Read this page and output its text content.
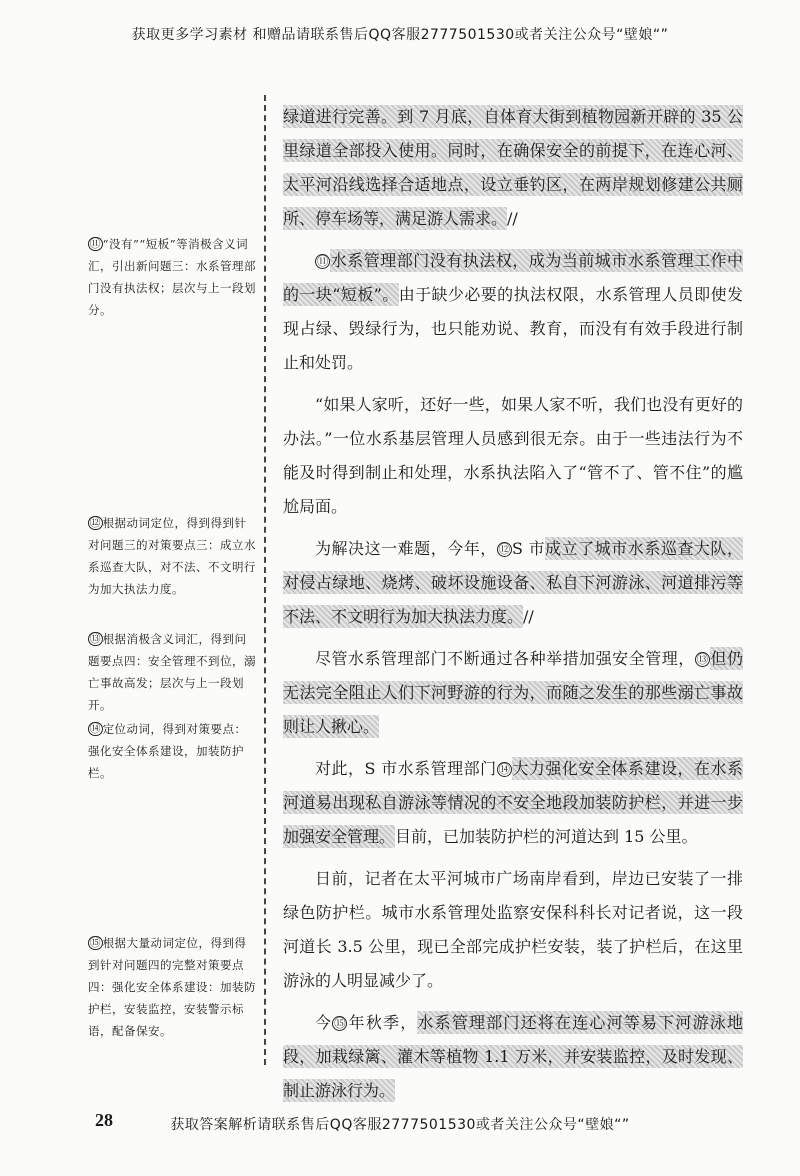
获取更多学习素材 和赠品请联系售后QQ客服2777501530或者关注公众号“壁娘“”
⑪ “没有”“短板”等消极含义词汇，引出新问题三：水系管理部门没有执法权；层次与上一段划分。
⑫ 根据动词定位，得到得到针对问题三的对策要点三：成立水系巡查大队，对不法、不文明行为加大执法力度。
⑬ 根据消极含义词汇，得到问题要点四：安全管理不到位，溺亡事故高发；层次与上一段划开。
⑭ 定位动词，得到对策要点：强化安全体系建设，加装防护栏。
⑮ 根据大量动词定位，得到得到针对问题四的完整对策要点四：强化安全体系建设：加装防护栏，安装监控，安装警示标语，配备保安。

绿道进行完善。到 7 月底，自体育大街到植物园新开辟的 35 公里绿道全部投入使用。同时，在确保安全的前提下，在连心河、太平河沿线选择合适地点，设立垂钓区，在两岸规划修建公共厕所、停车场等，满足游人需求。//

⑪ 水系管理部门没有执法权，成为当前城市水系管理工作中的一块“短板”。由于缺少必要的执法权限，水系管理人员即使发现占绿、毁绿行为，也只能劝说、教育，而没有有效手段进行制止和处罚。

“如果人家听，还好一些，如果人家不听，我们也没有更好的办法。”一位水系基层管理人员感到很无奈。由于一些违法行为不能及时得到制止和处理，水系执法陷入了“管不了、管不住”的尴尬局面。

为解决这一难题，今年， ⑫ S 市成立了城市水系巡查大队，对侵占绿地、烧烤、破坏设施设备、私自下河游泳、河道排污等不法、不文明行为加大执法力度。//

尽管水系管理部门不断通过各种举措加强安全管理， ⑬ 但仍无法完全阻止人们下河野游的行为，而随之发生的那些溺亡事故则让人揪心。

对此，S 市水系管理部门 ⑭ 大力强化安全体系建设，在水系河道易出现私自游泳等情况的不安全地段加装防护栏，并进一步加强安全管理。目前，已加装防护栏的河道达到 15 公里。

日前，记者在太平河城市广场南岸看到，岸边已安装了一排绿色防护栏。城市水系管理处监察安保科科长对记者说，这一段河道长 3.5 公里，现已全部完成护栏安装，装了护栏后，在这里游泳的人明显减少了。

今 ⑮ 年秋季，水系管理部门还将在连心河等易下河游泳地段，加栽绿篱、灌木等植物 1.1 万米，并安装监控，及时发现、制止游泳行为。

28	获取答案解析请联系售后QQ客服2777501530或者关注公众号“壁娘“”
